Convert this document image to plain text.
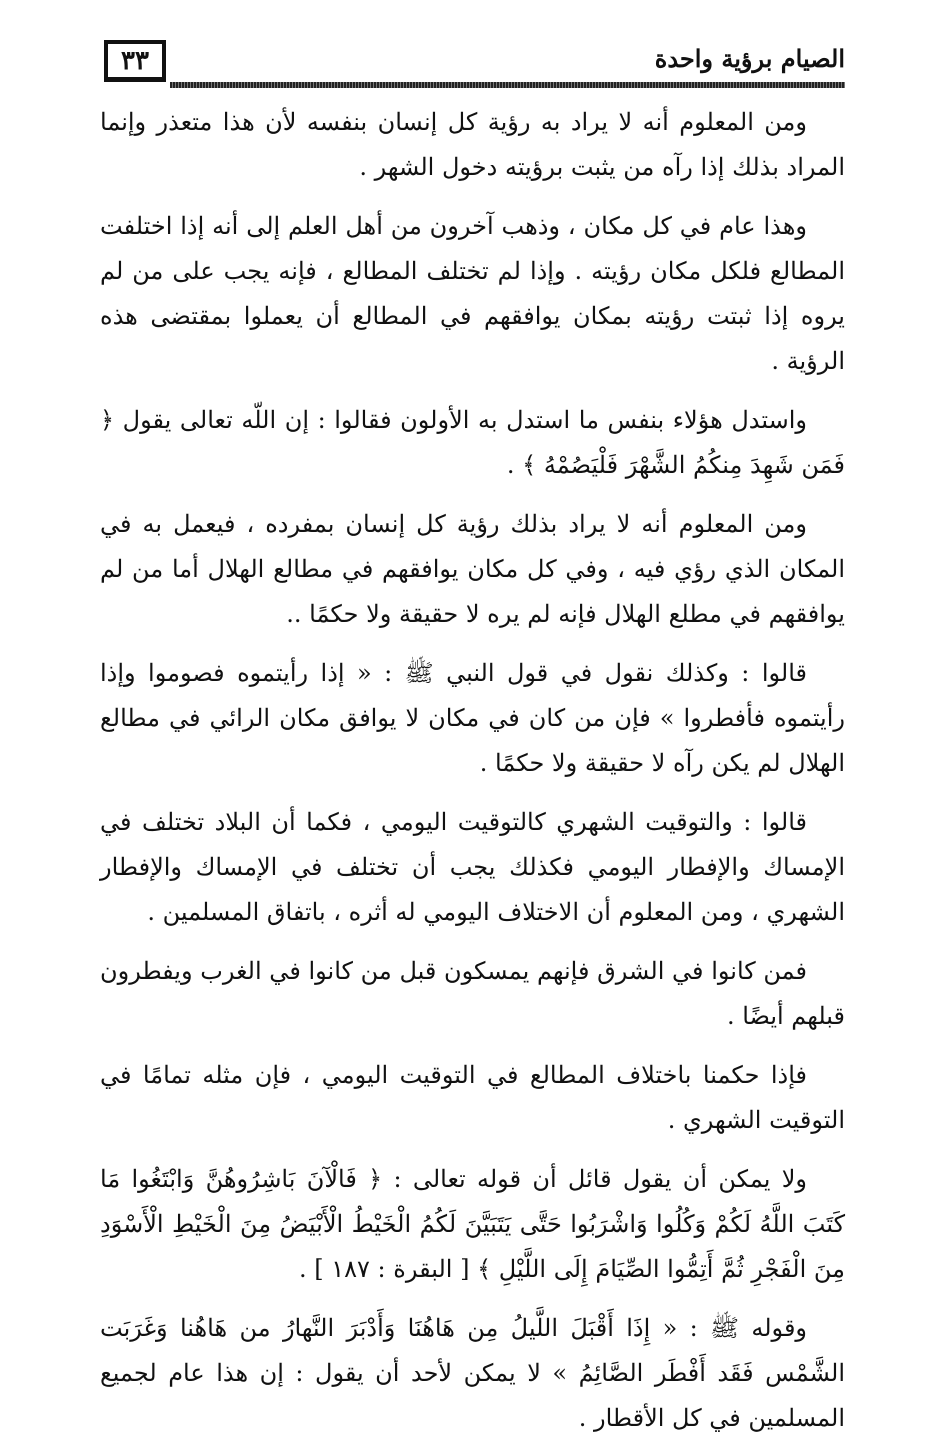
٣٣	الصيام برؤية واحدة

ومن المعلوم أنه لا يراد به رؤية كل إنسان بنفسه لأن هذا متعذر وإنما المراد بذلك إذا رآه من يثبت برؤيته دخول الشهر .

وهذا عام في كل مكان ، وذهب آخرون من أهل العلم إلى أنه إذا اختلفت المطالع فلكل مكان رؤيته . وإذا لم تختلف المطالع ، فإنه يجب على من لم يروه إذا ثبتت رؤيته بمكان يوافقهم في المطالع أن يعملوا بمقتضى هذه الرؤية .

واستدل هؤلاء بنفس ما استدل به الأولون فقالوا : إن اللّه تعالى يقول ﴿ فَمَن شَهِدَ مِنكُمُ الشَّهْرَ فَلْيَصُمْهُ ﴾ .

ومن المعلوم أنه لا يراد بذلك رؤية كل إنسان بمفرده ، فيعمل به في المكان الذي رؤي فيه ، وفي كل مكان يوافقهم في مطالع الهلال أما من لم يوافقهم في مطلع الهلال فإنه لم يره لا حقيقة ولا حكمًا ..

قالوا : وكذلك نقول في قول النبي ﷺ : « إذا رأيتموه فصوموا وإذا رأيتموه فأفطروا » فإن من كان في مكان لا يوافق مكان الرائي في مطالع الهلال لم يكن رآه لا حقيقة ولا حكمًا .

قالوا : والتوقيت الشهري كالتوقيت اليومي ، فكما أن البلاد تختلف في الإمساك والإفطار اليومي فكذلك يجب أن تختلف في الإمساك والإفطار الشهري ، ومن المعلوم أن الاختلاف اليومي له أثره ، باتفاق المسلمين .

فمن كانوا في الشرق فإنهم يمسكون قبل من كانوا في الغرب ويفطرون قبلهم أيضًا .

فإذا حكمنا باختلاف المطالع في التوقيت اليومي ، فإن مثله تمامًا في التوقيت الشهري .

ولا يمكن أن يقول قائل أن قوله تعالى : ﴿ فَالْآنَ بَاشِرُوهُنَّ وَابْتَغُوا مَا كَتَبَ اللَّهُ لَكُمْ وَكُلُوا وَاشْرَبُوا حَتَّى يَتَبَيَّنَ لَكُمُ الْخَيْطُ الْأَبْيَضُ مِنَ الْخَيْطِ الْأَسْوَدِ مِنَ الْفَجْرِ ثُمَّ أَتِمُّوا الصِّيَامَ إِلَى اللَّيْلِ ﴾ [ البقرة : ١٨٧ ] .

وقوله ﷺ : « إِذَا أَقْبَلَ اللَّيلُ مِن هَاهُنَا وَأَدْبَرَ النَّهارُ من هَاهُنا وَغَرَبَت الشَّمْس فَقَد أَفْطَر الصَّائِمُ » لا يمكن لأحد أن يقول : إن هذا عام لجميع المسلمين في كل الأقطار .
